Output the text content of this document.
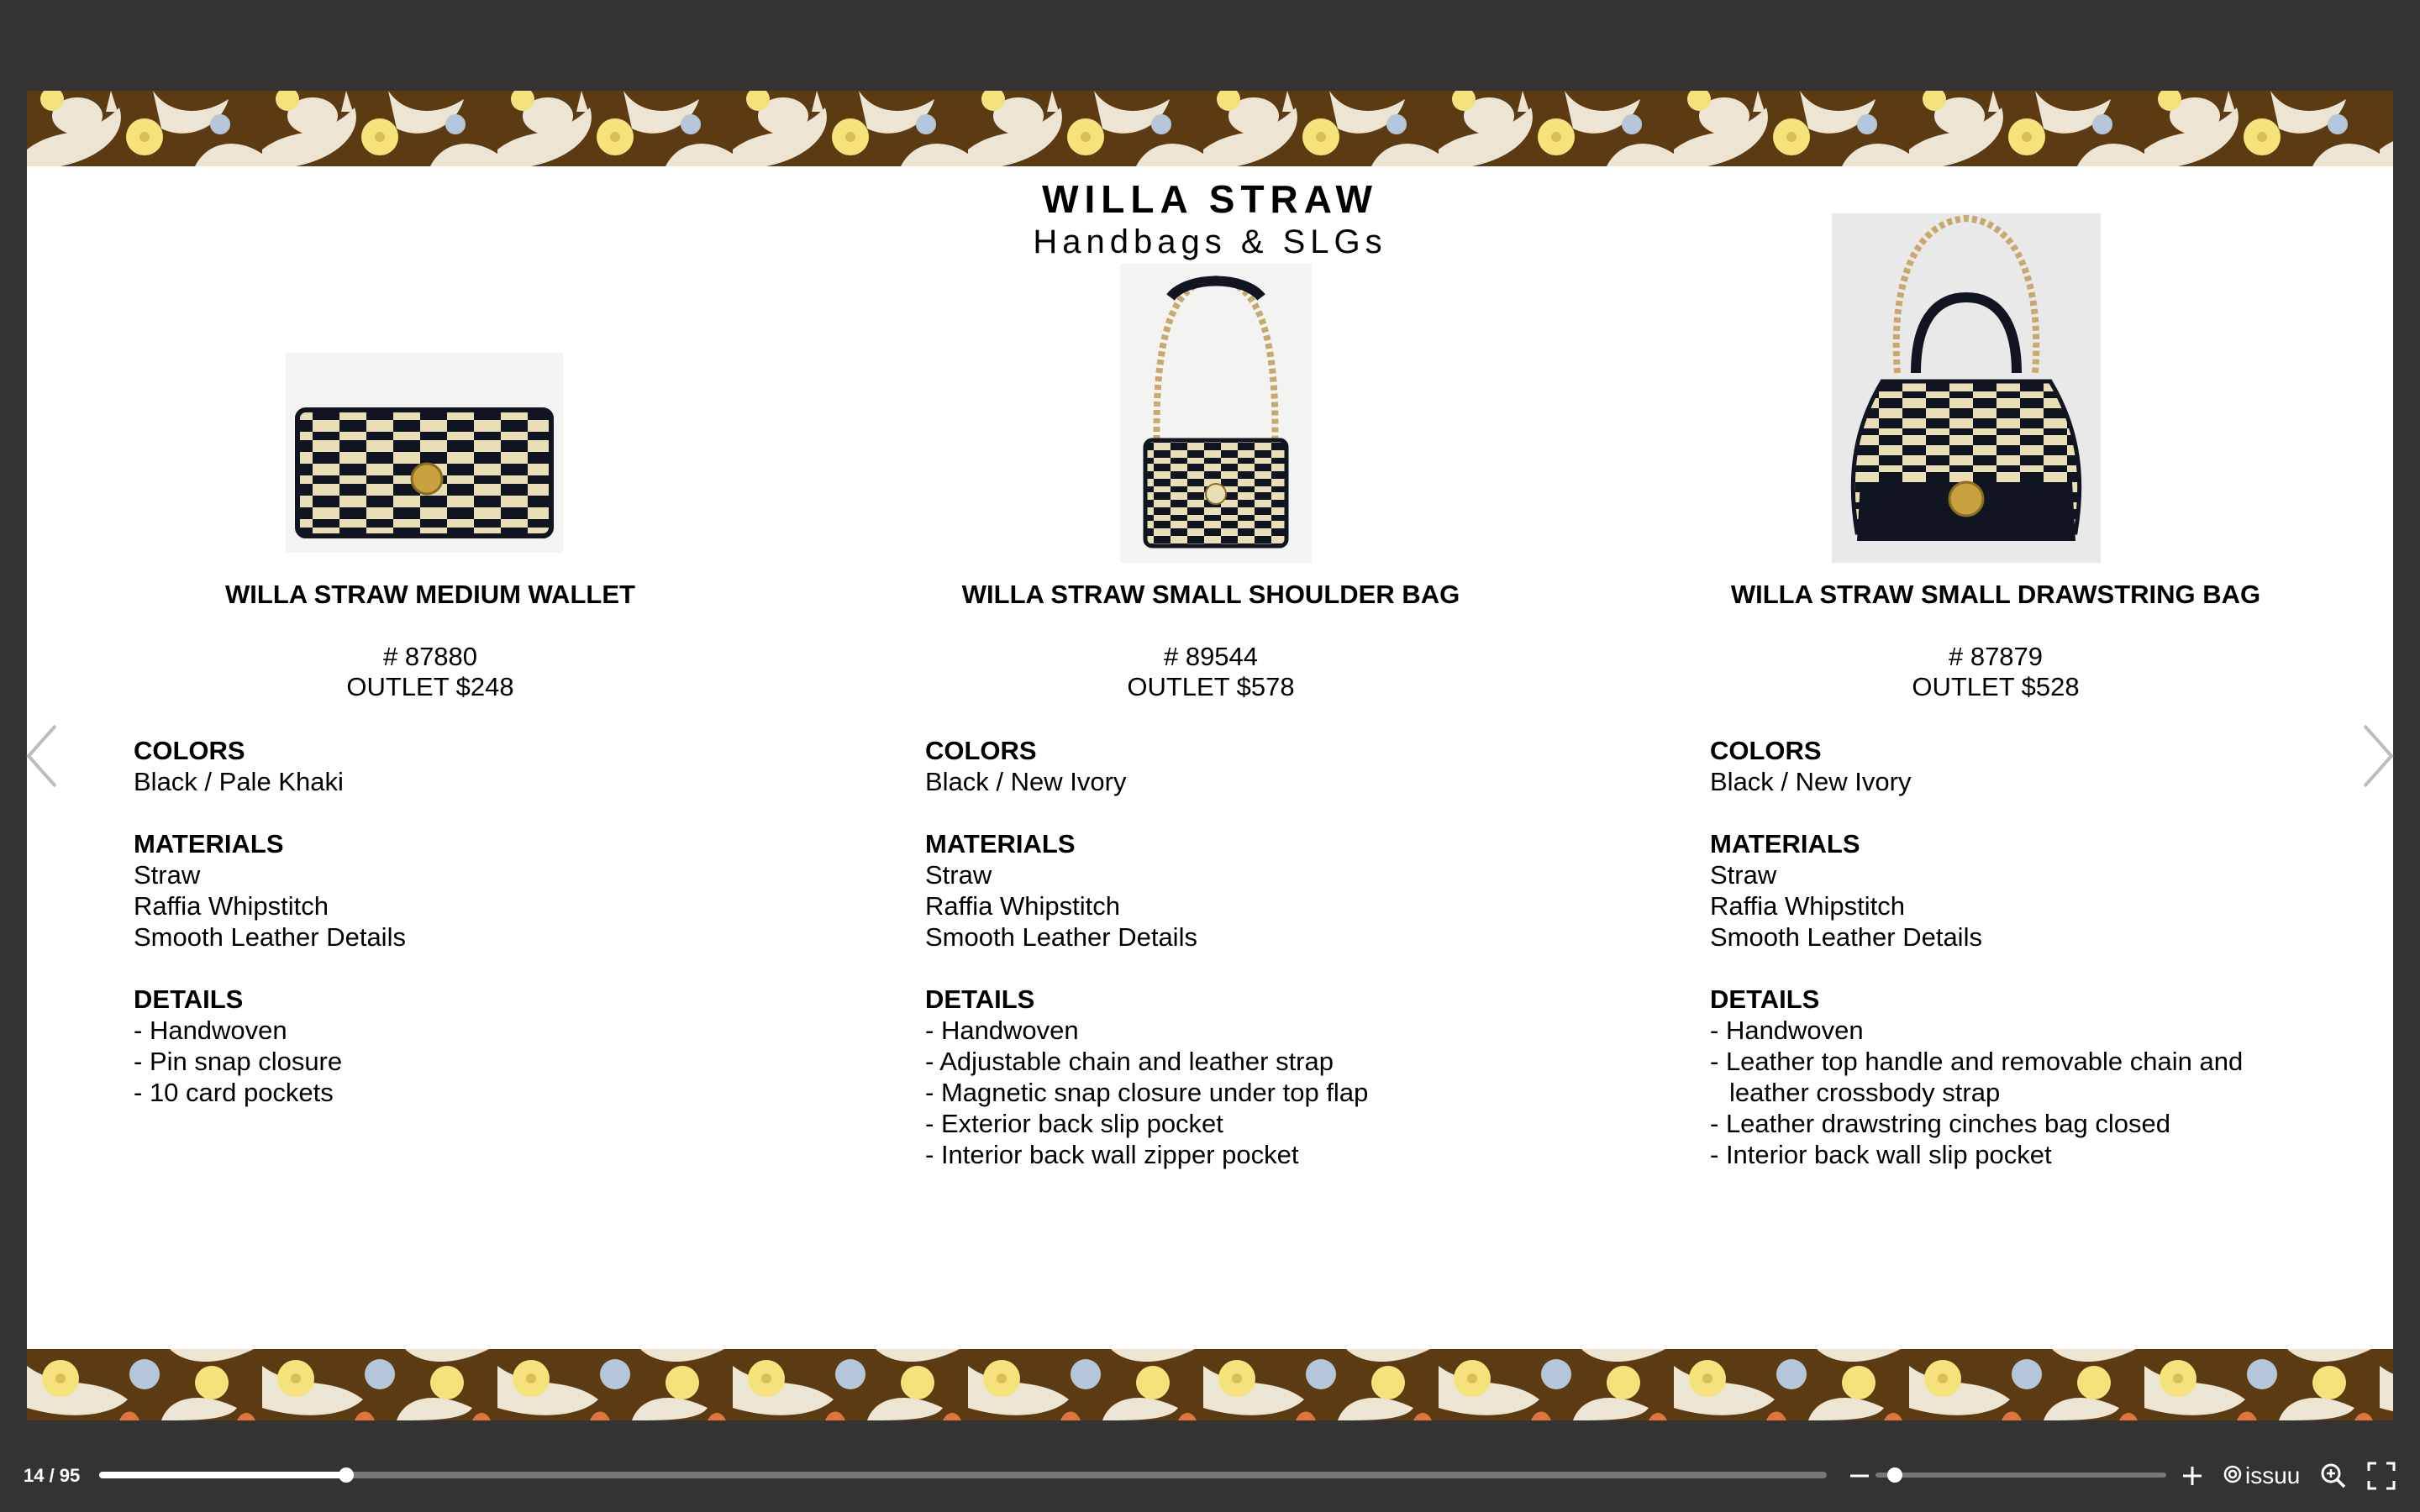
WILLA STRAW
Handbags & SLGs
WILLA STRAW MEDIUM WALLET
# 87880
OUTLET $248
WILLA STRAW SMALL SHOULDER BAG
# 89544
OUTLET $578
WILLA STRAW SMALL DRAWSTRING BAG
# 87879
OUTLET $528
COLORS
Black / Pale Khaki
MATERIALS
Straw
Raffia Whipstitch
Smooth Leather Details
DETAILS
- Handwoven
- Pin snap closure
- 10 card pockets
COLORS
Black / New Ivory
MATERIALS
Straw
Raffia Whipstitch
Smooth Leather Details
DETAILS
- Handwoven
- Adjustable chain and leather strap
- Magnetic snap closure under top flap
- Exterior back slip pocket
- Interior back wall zipper pocket
COLORS
Black / New Ivory
MATERIALS
Straw
Raffia Whipstitch
Smooth Leather Details
DETAILS
- Handwoven
- Leather top handle and removable chain and leather crossbody strap
- Leather drawstring cinches bag closed
- Interior back wall slip pocket
14 / 95	issuu
